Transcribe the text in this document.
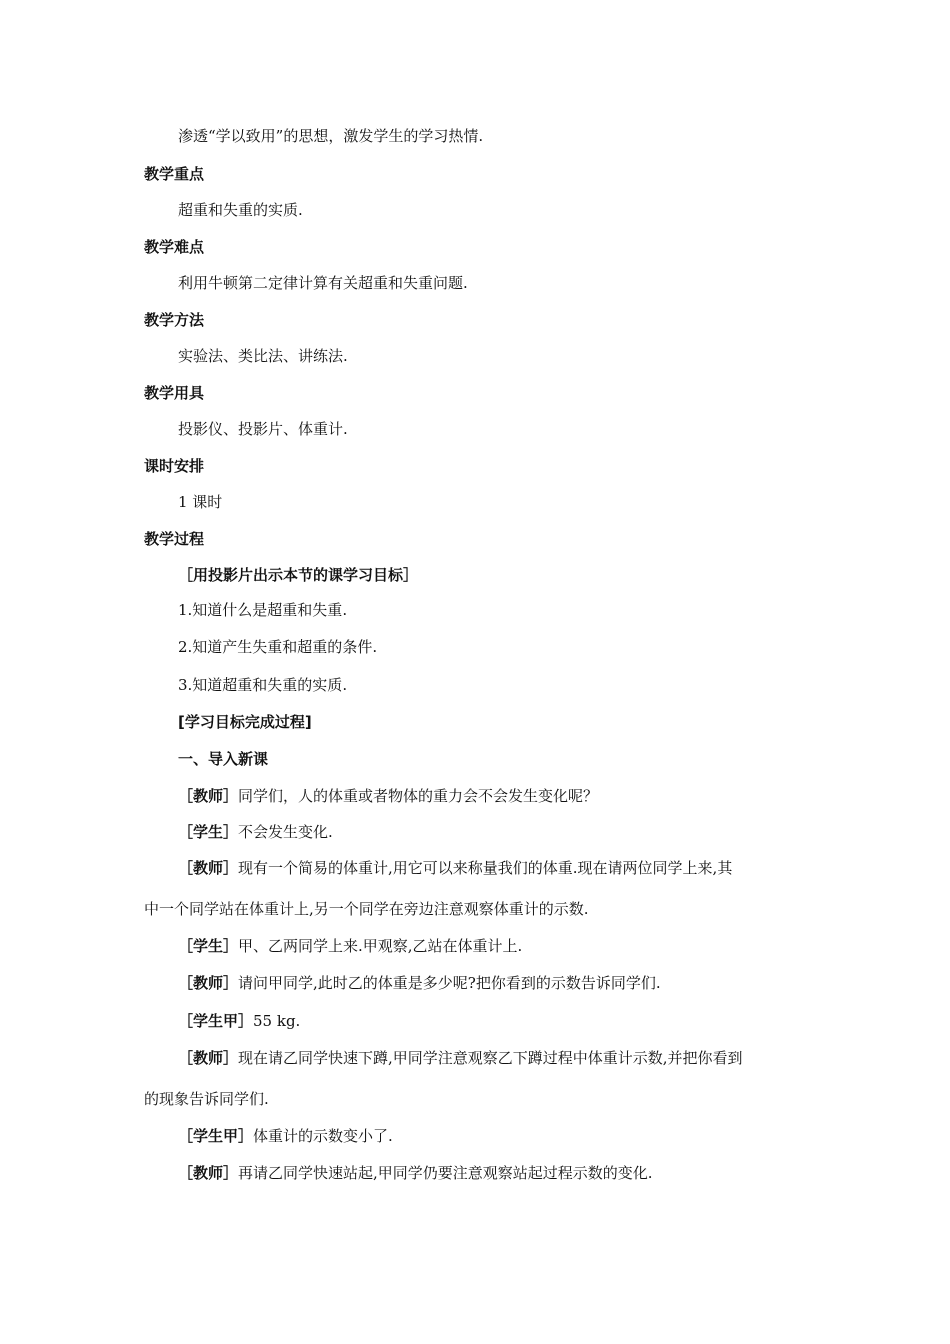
渗透“学以致用”的思想，激发学生的学习热情.
教学重点
超重和失重的实质.
教学难点
利用牛顿第二定律计算有关超重和失重问题.
教学方法
实验法、类比法、讲练法.
教学用具
投影仪、投影片、体重计.
课时安排
1 课时
教学过程
［用投影片出示本节的课学习目标］
1.知道什么是超重和失重.
2.知道产生失重和超重的条件.
3.知道超重和失重的实质.
[学习目标完成过程]
一、导入新课
［教师］同学们，人的体重或者物体的重力会不会发生变化呢？
［学生］不会发生变化.
［教师］现有一个简易的体重计,用它可以来称量我们的体重.现在请两位同学上来,其
中一个同学站在体重计上,另一个同学在旁边注意观察体重计的示数.
［学生］甲、乙两同学上来.甲观察,乙站在体重计上.
［教师］请问甲同学,此时乙的体重是多少呢?把你看到的示数告诉同学们.
［学生甲］55 kg.
［教师］现在请乙同学快速下蹲,甲同学注意观察乙下蹲过程中体重计示数,并把你看到
的现象告诉同学们.
［学生甲］体重计的示数变小了.
［教师］再请乙同学快速站起,甲同学仍要注意观察站起过程示数的变化.
